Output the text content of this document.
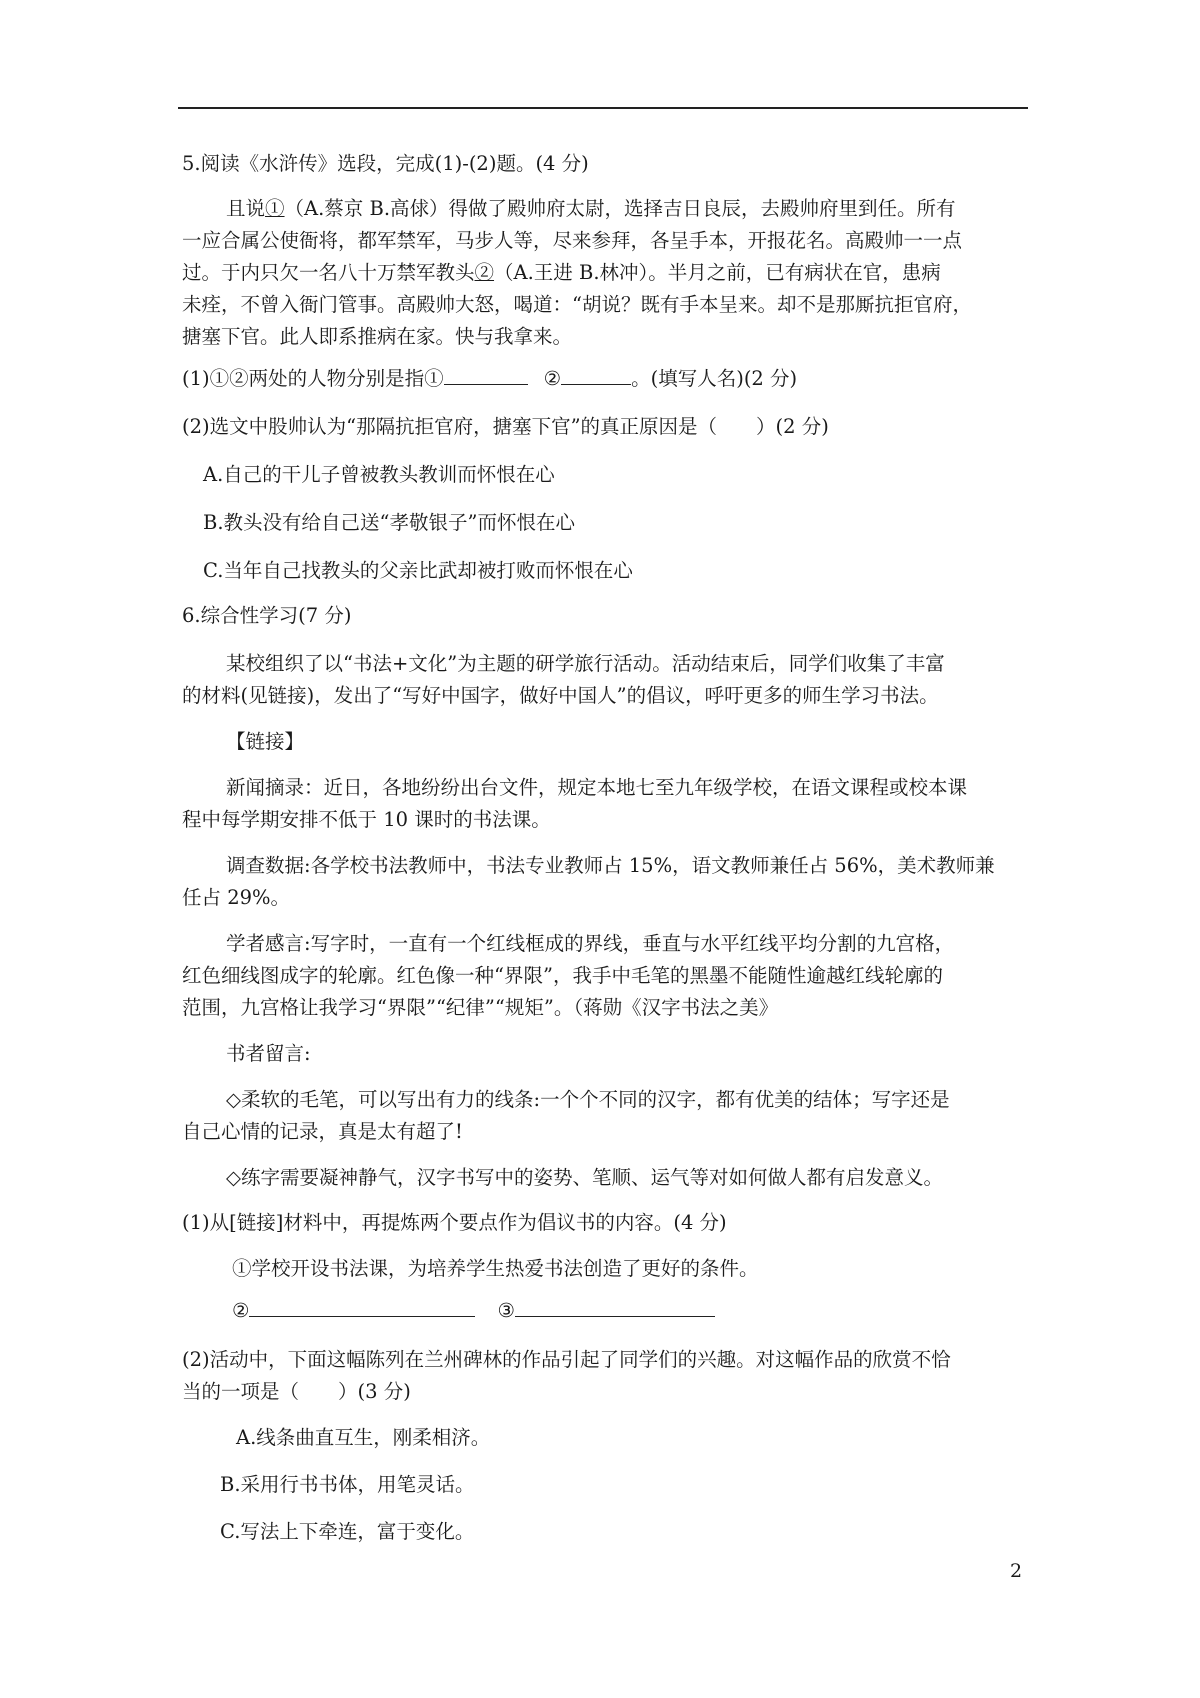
5.阅读《水浒传》选段，完成(1)-(2)题。(4 分)
且说①（A.蔡京 B.高俅）得做了殿帅府太尉，选择吉日良辰，去殿帅府里到任。所有
一应合属公使衙将，都军禁军，马步人等，尽来参拜，各呈手本，开报花名。高殿帅一一点
过。于内只欠一名八十万禁军教头②（A.王进 B.林冲）。半月之前，已有病状在官，患病
未痊，不曾入衙门管事。高殿帅大怒，喝道：“胡说？既有手本呈来。却不是那厮抗拒官府，
搪塞下官。此人即系推病在家。快与我拿来。
(1)①②两处的人物分别是指①	②	。(填写人名)(2 分)
(2)选文中股帅认为“那隔抗拒官府，搪塞下官”的真正原因是（　　）(2 分)
A.自己的干儿子曾被教头教训而怀恨在心
B.教头没有给自己送“孝敬银子”而怀恨在心
C.当年自己找教头的父亲比武却被打败而怀恨在心
6.综合性学习(7 分)
某校组织了以“书法+文化”为主题的研学旅行活动。活动结束后，同学们收集了丰富
的材料(见链接)，发出了“写好中国字，做好中国人”的倡议，呼吁更多的师生学习书法。
【链接】
新闻摘录：近日，各地纷纷出台文件，规定本地七至九年级学校，在语文课程或校本课
程中每学期安排不低于 10 课时的书法课。
调查数据:各学校书法教师中，书法专业教师占 15%，语文教师兼任占 56%，美术教师兼
任占 29%。
学者感言:写字时，一直有一个红线框成的界线，垂直与水平红线平均分割的九宫格，
红色细线图成字的轮廓。红色像一种“界限”，我手中毛笔的黑墨不能随性逾越红线轮廓的
范围，九宫格让我学习“界限”“纪律”“规矩”。（蒋勋《汉字书法之美》
书者留言:
◇柔软的毛笔，可以写出有力的线条:一个个不同的汉字，都有优美的结体；写字还是
自己心情的记录，真是太有超了!
◇练字需要凝神静气，汉字书写中的姿势、笔顺、运气等对如何做人都有启发意义。
(1)从[链接]材料中，再提炼两个要点作为倡议书的内容。(4 分)
①学校开设书法课，为培养学生热爱书法创造了更好的条件。
②	③
(2)活动中，下面这幅陈列在兰州碑林的作品引起了同学们的兴趣。对这幅作品的欣赏不恰
当的一项是（　　）(3 分)
A.线条曲直互生，刚柔相济。
B.采用行书书体，用笔灵话。
C.写法上下牵连，富于变化。
2
